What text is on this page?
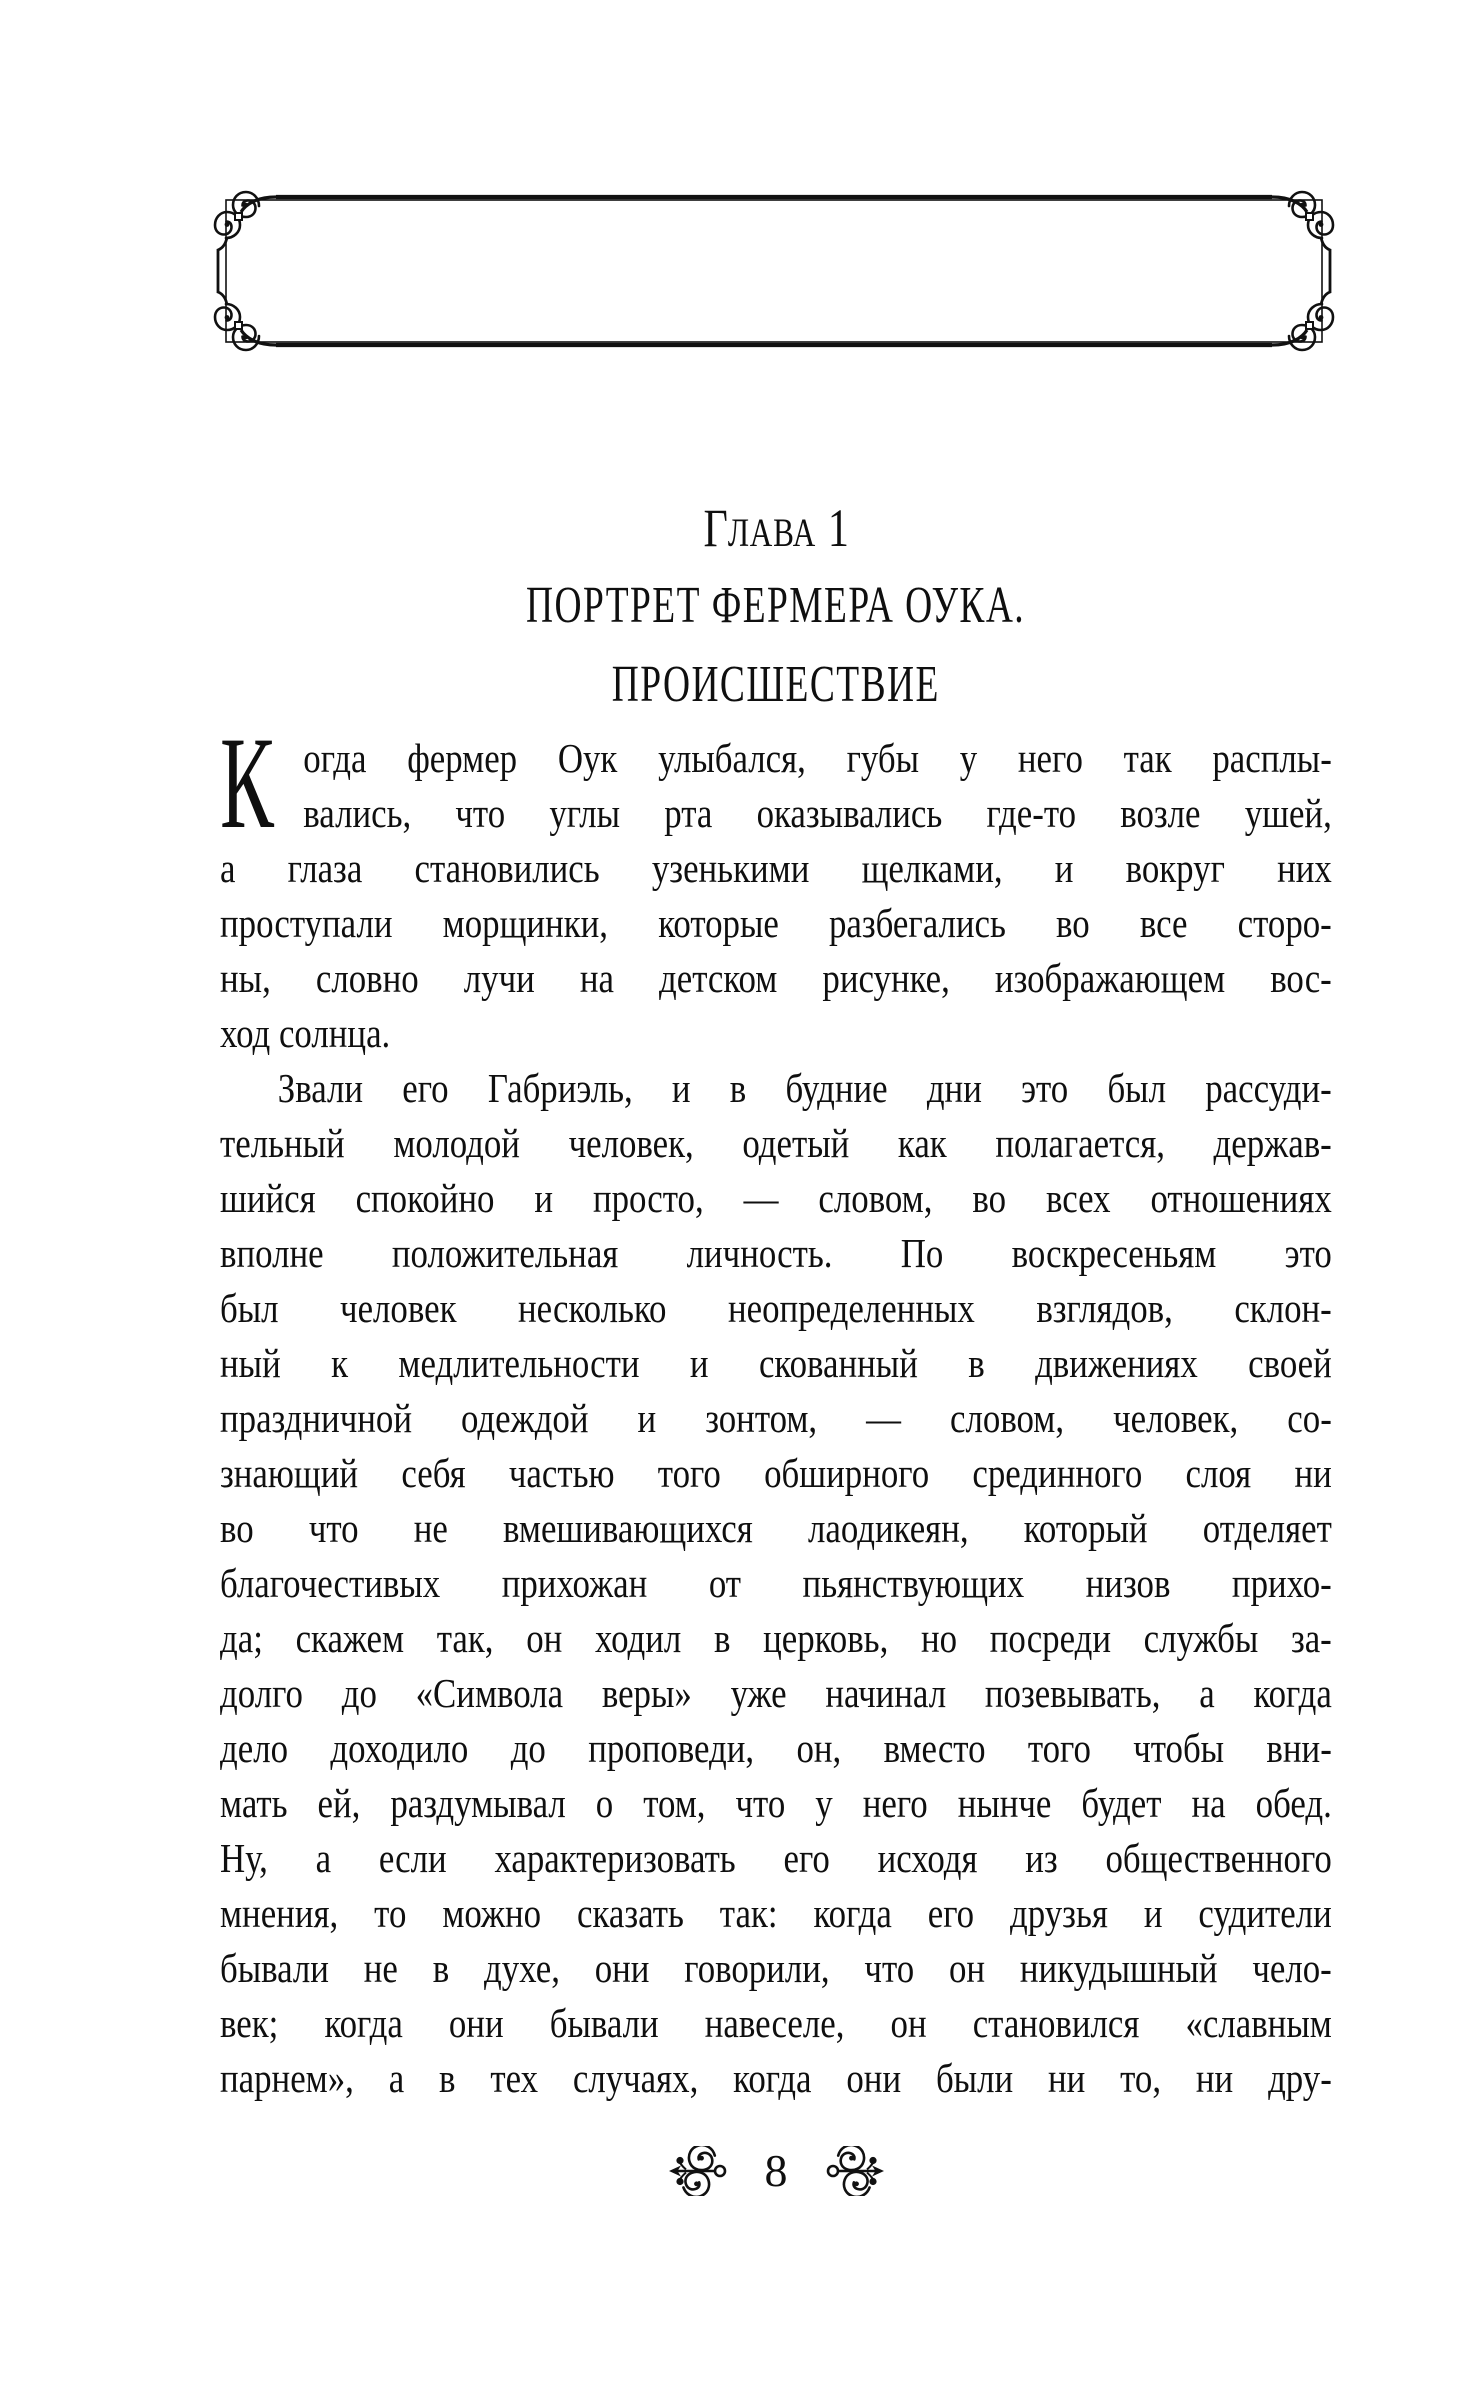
ГЛАВА 1
ПОРТРЕТ ФЕРМЕРА ОУКА.
ПРОИСШЕСТВИЕ
К огда фермер Оук улыбался, губы у него так расплы-
вались, что углы рта оказывались где-то возле ушей,
а глаза становились узенькими щелками, и вокруг них
проступали морщинки, которые разбегались во все сторо-
ны, словно лучи на детском рисунке, изображающем вос-
ход солнца.
Звали его Габриэль, и в будние дни это был рассуди-
тельный молодой человек, одетый как полагается, держав-
шийся спокойно и просто, — словом, во всех отношениях
вполне положительная личность. По воскресеньям это
был человек несколько неопределенных взглядов, склон-
ный к медлительности и скованный в движениях своей
праздничной одеждой и зонтом, — словом, человек, со-
знающий себя частью того обширного срединного слоя ни
во что не вмешивающихся лаодикеян, который отделяет
благочестивых прихожан от пьянствующих низов прихо-
да; скажем так, он ходил в церковь, но посреди службы за-
долго до «Символа веры» уже начинал позевывать, а когда
дело доходило до проповеди, он, вместо того чтобы вни-
мать ей, раздумывал о том, что у него нынче будет на обед.
Ну, а если характеризовать его исходя из общественного
мнения, то можно сказать так: когда его друзья и судители
бывали не в духе, они говорили, что он никудышный чело-
век; когда они бывали навеселе, он становился «славным
парнем», а в тех случаях, когда они были ни то, ни дру-
8
